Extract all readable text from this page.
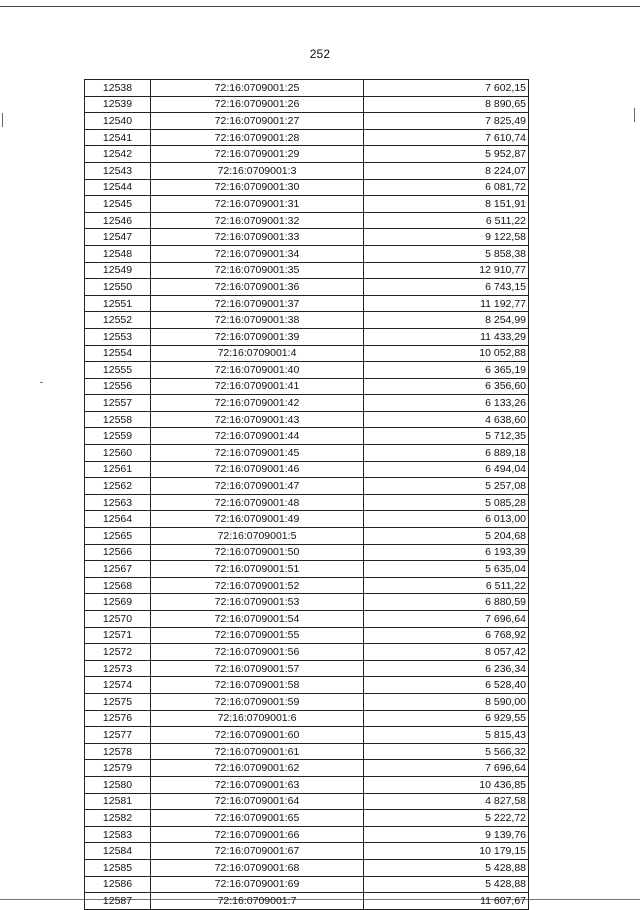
252
12538	72:16:0709001:25	7 602,15
12539	72:16:0709001:26	8 890,65
12540	72:16:0709001:27	7 825,49
12541	72:16:0709001:28	7 610,74
12542	72:16:0709001:29	5 952,87
12543	72:16:0709001:3	8 224,07
12544	72:16:0709001:30	6 081,72
12545	72:16:0709001:31	8 151,91
12546	72:16:0709001:32	6 511,22
12547	72:16:0709001:33	9 122,58
12548	72:16:0709001:34	5 858,38
12549	72:16:0709001:35	12 910,77
12550	72:16:0709001:36	6 743,15
12551	72:16:0709001:37	11 192,77
12552	72:16:0709001:38	8 254,99
12553	72:16:0709001:39	11 433,29
12554	72:16:0709001:4	10 052,88
12555	72:16:0709001:40	6 365,19
12556	72:16:0709001:41	6 356,60
12557	72:16:0709001:42	6 133,26
12558	72:16:0709001:43	4 638,60
12559	72:16:0709001:44	5 712,35
12560	72:16:0709001:45	6 889,18
12561	72:16:0709001:46	6 494,04
12562	72:16:0709001:47	5 257,08
12563	72:16:0709001:48	5 085,28
12564	72:16:0709001:49	6 013,00
12565	72:16:0709001:5	5 204,68
12566	72:16:0709001:50	6 193,39
12567	72:16:0709001:51	5 635,04
12568	72:16:0709001:52	6 511,22
12569	72:16:0709001:53	6 880,59
12570	72:16:0709001:54	7 696,64
12571	72:16:0709001:55	6 768,92
12572	72:16:0709001:56	8 057,42
12573	72:16:0709001:57	6 236,34
12574	72:16:0709001:58	6 528,40
12575	72:16:0709001:59	8 590,00
12576	72:16:0709001:6	6 929,55
12577	72:16:0709001:60	5 815,43
12578	72:16:0709001:61	5 566,32
12579	72:16:0709001:62	7 696,64
12580	72:16:0709001:63	10 436,85
12581	72:16:0709001:64	4 827,58
12582	72:16:0709001:65	5 222,72
12583	72:16:0709001:66	9 139,76
12584	72:16:0709001:67	10 179,15
12585	72:16:0709001:68	5 428,88
12586	72:16:0709001:69	5 428,88
12587	72:16:0709001:7	11 607,67
